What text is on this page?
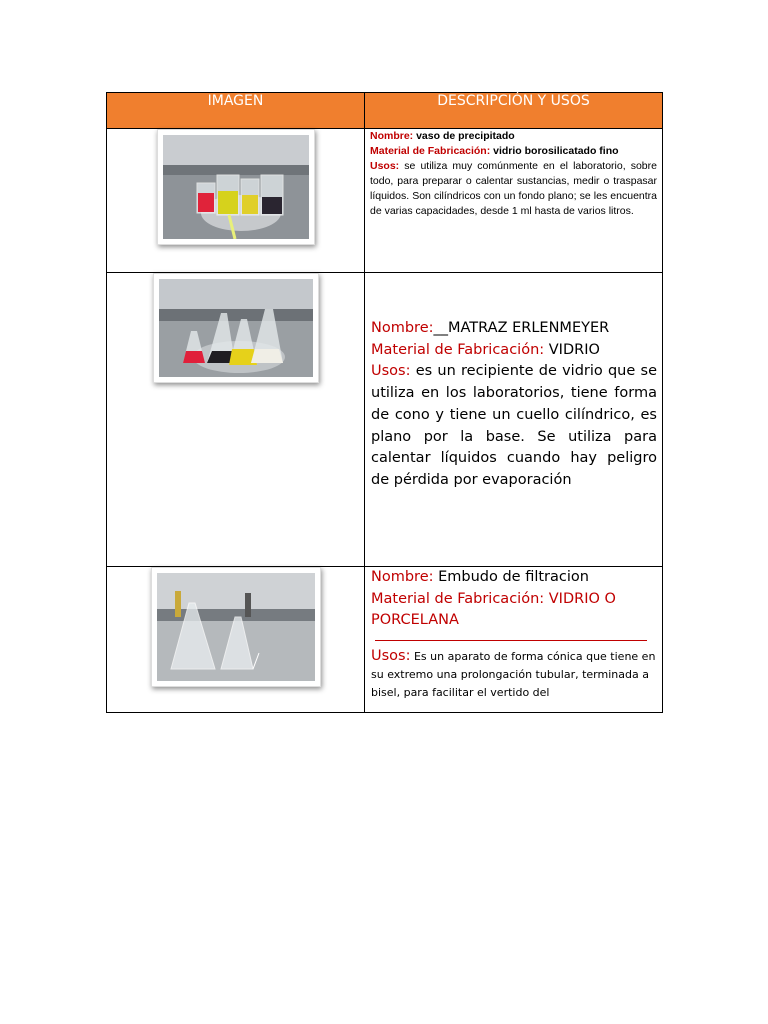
IMAGEN	DESCRIPCIÓN Y USOS

Nombre: vaso de precipitado
Material de Fabricación: vidrio borosilicatado fino
Usos: se utiliza muy comúnmente en el laboratorio, sobre todo, para preparar o calentar sustancias, medir o traspasar líquidos. Son cilíndricos con un fondo plano; se les encuentra de varias capacidades, desde 1 ml hasta de varios litros.

Nombre:__MATRAZ ERLENMEYER
Material de Fabricación: VIDRIO
Usos: es un recipiente de vidrio que se utiliza en los laboratorios, tiene forma de cono y tiene un cuello cilíndrico, es plano por la base. Se utiliza para calentar líquidos cuando hay peligro de pérdida por evaporación

Nombre: Embudo de filtracion
Material de Fabricación: VIDRIO O PORCELANA
Usos: Es un aparato de forma cónica que tiene en su extremo una prolongación tubular, terminada a bisel, para facilitar el vertido del
